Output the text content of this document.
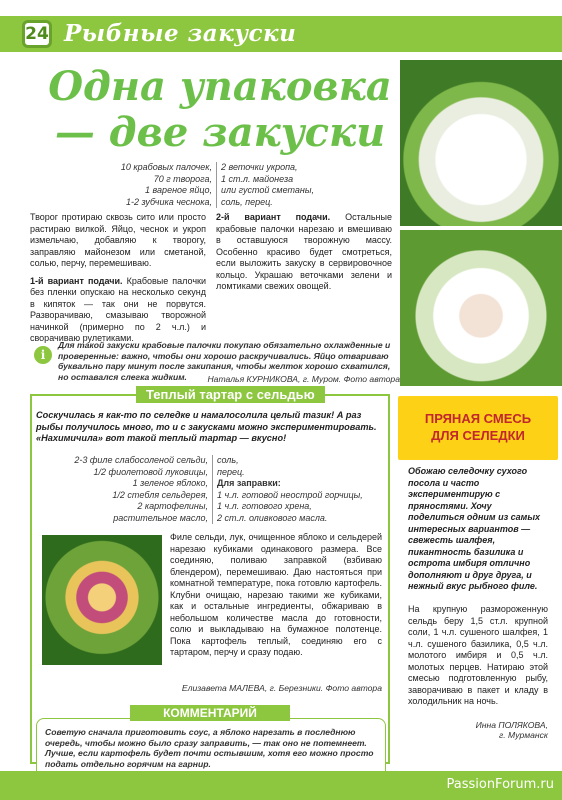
24 Рыбные закуски
Одна упаковка — две закуски
10 крабовых палочек,
70 г творога,
1 вареное яйцо,
1-2 зубчика чеснока,
2 веточки укропа,
1 ст.л. майонеза
или густой сметаны,
соль, перец.

Творог протираю сквозь сито или просто растираю вилкой. Яйцо, чеснок и укроп измельчаю, добавляю к творогу, заправляю майонезом или сметаной, солью, перчу, перемешиваю.

1-й вариант подачи. Крабовые палочки без пленки опускаю на несколько секунд в кипяток — так они не порвутся. Разворачиваю, смазываю творожной начинкой (примерно по 2 ч.л.) и сворачиваю рулетиками.

2-й вариант подачи. Остальные крабовые палочки нарезаю и вмешиваю в оставшуюся творожную массу. Особенно красиво будет смотреться, если выложить закуску в сервировочное кольцо. Украшаю веточками зелени и ломтиками свежих овощей.

i
Для такой закуски крабовые палочки покупаю обязательно охлажденные и проверенные: важно, чтобы они хорошо раскручивались. Яйцо отвариваю буквально пару минут после закипания, чтобы желток хорошо схватился, но оставался слегка жидким.	Наталья КУРНИКОВА, г. Муром. Фото автора
Теплый тартар с сельдью
Соскучилась я как-то по селедке и намалосолила целый тазик! А раз рыбы получилось много, то и с закусками можно экспериментировать. «Нахимичила» вот такой теплый тартар — вкусно!
2-3 филе слабосоленой сельди,
1/2 фиолетовой луковицы,
1 зеленое яблоко,
1/2 стебля сельдерея,
2 картофелины,
растительное масло,
соль,
перец.
Для заправки:
1 ч.л. готовой неострой горчицы,
1 ч.л. готового хрена,
2 ст.л. оливкового масла.
Филе сельди, лук, очищенное яблоко и сельдерей нарезаю кубиками одинакового размера. Все соединяю, поливаю заправкой (взбиваю блендером), перемешиваю. Даю настояться при комнатной температуре, пока готовлю картофель. Клубни очищаю, нарезаю такими же кубиками, как и остальные ингредиенты, обжариваю в небольшом количестве масла до готовности, солю и выкладываю на бумажное полотенце. Пока картофель теплый, соединяю его с тартаром, перчу и сразу подаю.
Елизавета МАЛЕВА, г. Березники. Фото автора
Советую сначала приготовить соус, а яблоко нарезать в последнюю очередь, чтобы можно было сразу заправить, — так оно не потемнеет. Лучше, если картофель будет почти остывшим, хотя его можно просто подать отдельно горячим на гарнир.
КОММЕНТАРИЙ
ПРЯНАЯ СМЕСЬ
ДЛЯ СЕЛЕДКИ
Обожаю селедочку сухого посола и часто экспериментирую с пряностями. Хочу поделиться одним из самых интересных вариантов — свежесть шалфея, пикантность базилика и острота имбиря отлично дополняют и друг друга, и нежный вкус рыбного филе.
На крупную размороженную сельдь беру 1,5 ст.л. крупной соли, 1 ч.л. сушеного шалфея, 1 ч.л. сушеного базилика, 0,5 ч.л. молотого имбиря и 0,5 ч.л. молотых перцев. Натираю этой смесью подготовленную рыбу, заворачиваю в пакет и кладу в холодильник на ночь.
Инна ПОЛЯКОВА,
г. Мурманск
PassionForum.ru
